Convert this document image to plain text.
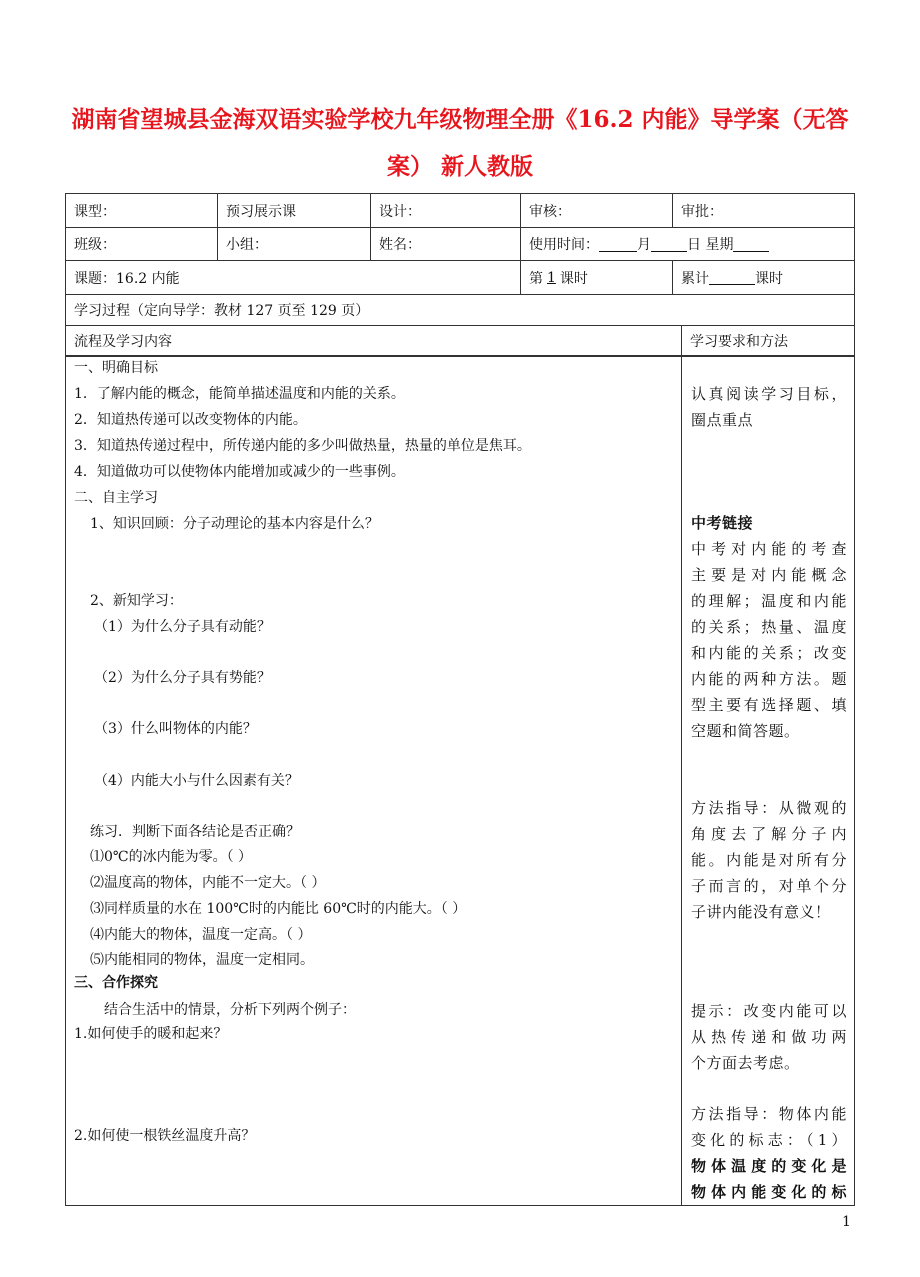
湖南省望城县金海双语实验学校九年级物理全册《16.2 内能》导学案（无答
案） 新人教版
课型：	预习展示课	设计：	审核：	审批：
班级：	小组：	姓名：	使用时间：	月	日 星期
课题：16.2 内能	第 1 课时	累计	课时
学习过程（定向导学：教材 127 页至 129 页）
流程及学习内容	学习要求和方法
一、明确目标
1．了解内能的概念，能简单描述温度和内能的关系。
2．知道热传递可以改变物体的内能。
3．知道热传递过程中，所传递内能的多少叫做热量，热量的单位是焦耳。
4．知道做功可以使物体内能增加或减少的一些事例。
二、自主学习
1、知识回顾：分子动理论的基本内容是什么？
2、新知学习：
（1）为什么分子具有动能？
（2）为什么分子具有势能？
（3）什么叫物体的内能？
（4）内能大小与什么因素有关？
练习．判断下面各结论是否正确？
⑴0℃的冰内能为零。（ ）
⑵温度高的物体，内能不一定大。（ ）
⑶同样质量的水在 100℃时的内能比 60℃时的内能大。（ ）
⑷内能大的物体，温度一定高。（ ）
⑸内能相同的物体，温度一定相同。
三、合作探究
结合生活中的情景，分析下列两个例子：
1.如何使手的暖和起来？
2.如何使一根铁丝温度升高？
认真阅读学习目标，
圈点重点
中考链接
中考对内能的考查
主要是对内能概念
的理解；温度和内能
的关系；热量、温度
和内能的关系；改变
内能的两种方法。题
型主要有选择题、填
空题和简答题。
方法指导：从微观的
角度去了解分子内
能。内能是对所有分
子而言的，对单个分
子讲内能没有意义！
提示：改变内能可以
从热传递和做功两
个方面去考虑。
方法指导：物体内能
变化的标志：（1）
物体温度的变化是
物体内能变化的标
1
